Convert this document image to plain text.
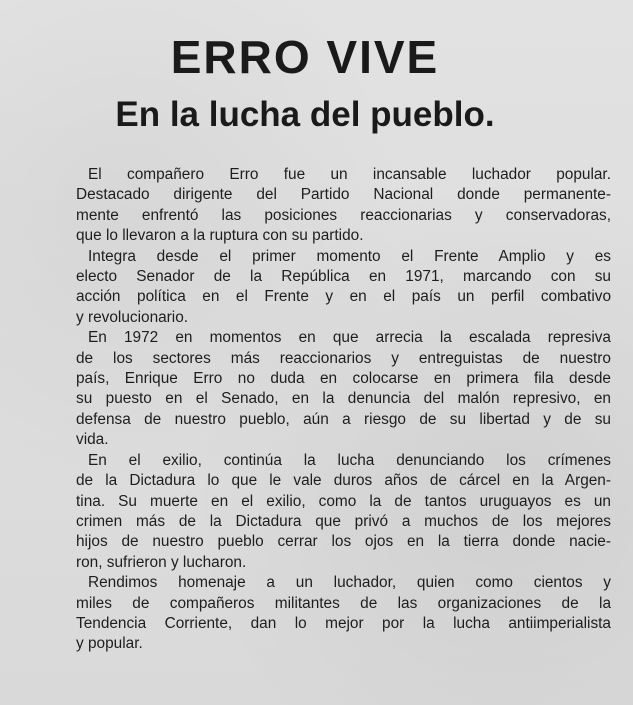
ERRO VIVE
En la lucha del pueblo.

El compañero Erro fue un incansable luchador popular.
Destacado dirigente del Partido Nacional donde permanente-
mente enfrentó las posiciones reaccionarias y conservadoras,
que lo llevaron a la ruptura con su partido.

Integra desde el primer momento el Frente Amplio y es
electo Senador de la República en 1971, marcando con su
acción política en el Frente y en el país un perfil combativo
y revolucionario.

En 1972 en momentos en que arrecia la escalada represiva
de los sectores más reaccionarios y entreguistas de nuestro
país, Enrique Erro no duda en colocarse en primera fila desde
su puesto en el Senado, en la denuncia del malón represivo, en
defensa de nuestro pueblo, aún a riesgo de su libertad y de su
vida.

En el exilio, continúa la lucha denunciando los crímenes
de la Dictadura lo que le vale duros años de cárcel en la Argen-
tina. Su muerte en el exilio, como la de tantos uruguayos es un
crimen más de la Dictadura que privó a muchos de los mejores
hijos de nuestro pueblo cerrar los ojos en la tierra donde nacie-
ron, sufrieron y lucharon.

Rendimos homenaje a un luchador, quien como cientos y
miles de compañeros militantes de las organizaciones de la
Tendencia Corriente, dan lo mejor por la lucha antiimperialista
y popular.
